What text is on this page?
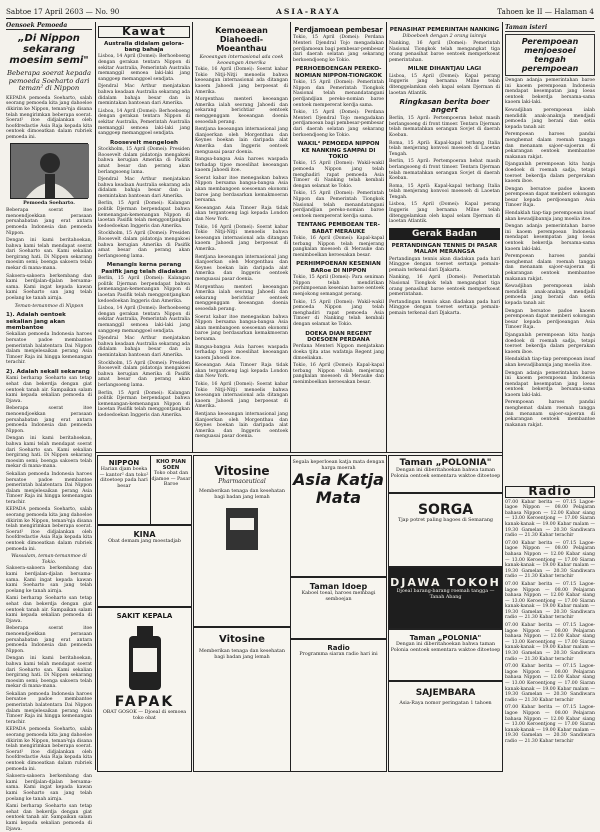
Sabtoe 17 April 2603 — No. 90	ASIA-RAYA	Tahoen ke II — Halaman 4
Oensoek Pemoeda
„Di Nippon sekarang moesim semi"
Beberapa soerat kepada pemoeda Soeharto dari teman² di Nippon
KEPADA pemoeda Soeharto, salah seorang pemoeda kita jang dahoeloe dikirim ke Nippon, teman²nja disana telah mengirimkan beberapa soerat. Soerat² itoe didjalankan oleh hoofdredactie Asia Raja kepada kita oentoek dimoeatkan dalam rubriek pemoeda ini.
Pemoeda Soeharto.
Beberapa soerat itoe menoendjoekkan perasaan persahabatan jang erat antara pemoeda Indonesia dan pemoeda Nippon.
Dengan ini kami beritahoekan, bahwa kami telah mendapat soerat dari Soeharto san. Kami sekalian bergirang hati. Di Nippon sekarang moesim semi; boenga sakoera telah mekar di mana-mana.
Sakoera-sakoera berkembang dan kami berdjalan-djalan bersama-sama. Kami ingat kepada kawan kami Soeharto san jang telah poelang ke tanah airnja.
Teman-temanmoe di Nippon
1). Adalah oentoek sekalian jang akan membantoe
Sekalian pemoeda Indonesia haroes bersatoe padoe membantoe pemerintah balatentara Dai Nippon dalam menjelesaikan perang Asia Timoer Raja ini hingga kemenangan terachir.
2). Adalah sekali sekarang
Kami berharap Soeharto san tetap sehat dan bekerdja dengan giat oentoek tanah air. Sampaikan salam kami kepada sekalian pemoeda di Djawa.
Beberapa soerat itoe menoendjoekkan perasaan persahabatan jang erat antara pemoeda Indonesia dan pemoeda Nippon.
Dengan ini kami beritahoekan, bahwa kami telah mendapat soerat dari Soeharto san. Kami sekalian bergirang hati. Di Nippon sekarang moesim semi; boenga sakoera telah mekar di mana-mana.
Sekalian pemoeda Indonesia haroes bersatoe padoe membantoe pemerintah balatentara Dai Nippon dalam menjelesaikan perang Asia Timoer Raja ini hingga kemenangan terachir.
KEPADA pemoeda Soeharto, salah seorang pemoeda kita jang dahoeloe dikirim ke Nippon, teman²nja disana telah mengirimkan beberapa soerat. Soerat² itoe didjalankan oleh hoofdredactie Asia Raja kepada kita oentoek dimoeatkan dalam rubriek pemoeda ini.
Wassalam, teman-temanmoe di Tokio.
Sakoera-sakoera berkembang dan kami berdjalan-djalan bersama-sama. Kami ingat kepada kawan kami Soeharto san jang telah poelang ke tanah airnja.
Kami berharap Soeharto san tetap sehat dan bekerdja dengan giat oentoek tanah air. Sampaikan salam kami kepada sekalian pemoeda di Djawa.
Beberapa soerat itoe menoendjoekkan perasaan persahabatan jang erat antara pemoeda Indonesia dan pemoeda Nippon.
Dengan ini kami beritahoekan, bahwa kami telah mendapat soerat dari Soeharto san. Kami sekalian bergirang hati. Di Nippon sekarang moesim semi; boenga sakoera telah mekar di mana-mana.
Sekalian pemoeda Indonesia haroes bersatoe padoe membantoe pemerintah balatentara Dai Nippon dalam menjelesaikan perang Asia Timoer Raja ini hingga kemenangan terachir.
KEPADA pemoeda Soeharto, salah seorang pemoeda kita jang dahoeloe dikirim ke Nippon, teman²nja disana telah mengirimkan beberapa soerat. Soerat² itoe didjalankan oleh hoofdredactie Asia Raja kepada kita oentoek dimoeatkan dalam rubriek pemoeda ini.
Sakoera-sakoera berkembang dan kami berdjalan-djalan bersama-sama. Kami ingat kepada kawan kami Soeharto san jang telah poelang ke tanah airnja.
Kami berharap Soeharto san tetap sehat dan bekerdja dengan giat oentoek tanah air. Sampaikan salam kami kepada sekalian pemoeda di Djawa.
Kawat
Australia didalam gelora-bang bahaja
Lisboa, 14 April (Domei): Berhoeboeng dengan gerakan tentara Nippon di sekitar Australia, Pemerintah Australia memanggil semoea laki-laki jang sanggoep memanggoel sendjata.
Djendral Mac Arthur menjatakan bahwa keadaan Australia sekarang ada didalam bahaja besar dan ia memintakan bantoean dari Amerika.
Lisboa, 14 April (Domei): Berhoeboeng dengan gerakan tentara Nippon di sekitar Australia, Pemerintah Australia memanggil semoea laki-laki jang sanggoep memanggoel sendjata.
Roosevelt mengeloeh
Stockholm, 15 April (Domei): Presiden Roosevelt dalam pidatonja mengakoei bahwa kerugian Amerika di Pasifik amat besar dan perang akan berlangsoeng lama.
Djendral Mac Arthur menjatakan bahwa keadaan Australia sekarang ada didalam bahaja besar dan ia memintakan bantoean dari Amerika.
Berlin, 15 April (Domei): Kalangan politik Djerman berpendapat bahwa kemenangan-kemenangan Nippon di laoetan Pasifik telah menggontjangkan kedoedoekan Inggeris dan Amerika.
Stockholm, 15 April (Domei): Presiden Roosevelt dalam pidatonja mengakoei bahwa kerugian Amerika di Pasifik amat besar dan perang akan berlangsoeng lama.
Menangis kerna perang Pasifik jang telah diadakan
Berlin, 15 April (Domei): Kalangan politik Djerman berpendapat bahwa kemenangan-kemenangan Nippon di laoetan Pasifik telah menggontjangkan kedoedoekan Inggeris dan Amerika.
Lisboa, 14 April (Domei): Berhoeboeng dengan gerakan tentara Nippon di sekitar Australia, Pemerintah Australia memanggil semoea laki-laki jang sanggoep memanggoel sendjata.
Djendral Mac Arthur menjatakan bahwa keadaan Australia sekarang ada didalam bahaja besar dan ia memintakan bantoean dari Amerika.
Stockholm, 15 April (Domei): Presiden Roosevelt dalam pidatonja mengakoei bahwa kerugian Amerika di Pasifik amat besar dan perang akan berlangsoeng lama.
Berlin, 15 April (Domei): Kalangan politik Djerman berpendapat bahwa kemenangan-kemenangan Nippon di laoetan Pasifik telah menggontjangkan kedoedoekan Inggeris dan Amerika.
Kemoeaean Diahoedi-Moeanthau
Keoeangan internasional ada coek keoeangan Amerika
Tokio, 16 April (Domei): Soerat kabar Tokio Nitji-Nitji menoelis bahwa keoeangan internasional ada ditangan kaoem Jahoedi jang berpoesat di Amerika.
Morgenthau menteri keoeangan Amerika ialah seorang Jahoedi dan sekarang berichtiar oentoek menggenggam keoeangan doenia sesoedah perang.
Rentjana keoeangan internasional jang dianjoerkan oleh Morgenthau dan Keynes boekan lain daripada alat Amerika dan Inggeris oentoek menguasai pasar doenia.
Bangsa-bangsa Asia haroes waspada terhadap tipoe moeslihat keoeangan kaoem Jahoedi itoe.
Soerat kabar itoe menegaskan bahwa Nippon bersama bangsa-bangsa Asia akan membangoen soesoenan ekonomi baroe jang berdasarkan kemakmoeran bersama.
Keoeangan Asia Timoer Raja tidak akan tergantoeng lagi kepada London dan New York.
Tokio, 16 April (Domei): Soerat kabar Tokio Nitji-Nitji menoelis bahwa keoeangan internasional ada ditangan kaoem Jahoedi jang berpoesat di Amerika.
Rentjana keoeangan internasional jang dianjoerkan oleh Morgenthau dan Keynes boekan lain daripada alat Amerika dan Inggeris oentoek menguasai pasar doenia.
Morgenthau menteri keoeangan Amerika ialah seorang Jahoedi dan sekarang berichtiar oentoek menggenggam keoeangan doenia sesoedah perang.
Soerat kabar itoe menegaskan bahwa Nippon bersama bangsa-bangsa Asia akan membangoen soesoenan ekonomi baroe jang berdasarkan kemakmoeran bersama.
Bangsa-bangsa Asia haroes waspada terhadap tipoe moeslihat keoeangan kaoem Jahoedi itoe.
Keoeangan Asia Timoer Raja tidak akan tergantoeng lagi kepada London dan New York.
Tokio, 16 April (Domei): Soerat kabar Tokio Nitji-Nitji menoelis bahwa keoeangan internasional ada ditangan kaoem Jahoedi jang berpoesat di Amerika.
Rentjana keoeangan internasional jang dianjoerkan oleh Morgenthau dan Keynes boekan lain daripada alat Amerika dan Inggeris oentoek menguasai pasar doenia.
Perdjamoean pembesar
Tokio, 15 April (Domei): Perdana Menteri Djendral Tojo mengadakan perdjamoean bagi pembesar-pembesar dari daerah selatan jang sekarang berkoendjoeng ke Tokio.
PERHOEBOENGAN PEREKO-NOMIAN NIPPON-TIONGKOK
Tokio, 15 April (Domei): Pemerintah Nippon dan Pemerintah Tiongkok Nasional telah menandatangani perdjandjian pereko-nomian baroe oentoek mempererat kerdja sama.
Tokio, 15 April (Domei): Perdana Menteri Djendral Tojo mengadakan perdjamoean bagi pembesar-pembesar dari daerah selatan jang sekarang berkoendjoeng ke Tokio.
WAKIL² PEMOEDA NIPPON KE NANKING SAMPAI DI TOKIO
Tokio, 15 April (Domei): Wakil-wakil pemoeda Nippon jang telah menghadiri rapat pemoeda Asia Timoer di Nanking telah kembali dengan selamat ke Tokio.
Tokio, 15 April (Domei): Pemerintah Nippon dan Pemerintah Tiongkok Nasional telah menandatangani perdjandjian pereko-nomian baroe oentoek mempererat kerdja sama.
TENTANG PEMBOEAN TER-BABAT MERAUKE
Tokio, 16 April (Domei): Kapal-kapal terbang Nippon telah menjerang pangkalan moesoeh di Merauke dan menimboelkan keroesakan besar.
PERHIMPOENAN KESENIAN BARoe DI NIPPON
Tokio, 15 April (Domei): Para seniman Nippon telah mendirikan perhimpoenan kesenian baroe oentoek menjokong semangat perang.
Tokio, 15 April (Domei): Wakil-wakil pemoeda Nippon jang telah menghadiri rapat pemoeda Asia Timoer di Nanking telah kembali dengan selamat ke Tokio.
DOEKA DIAN REGENT DOESOEN PERDANA
Perdana Menteri Nippon menjatakan doeka tjita atas wafatnja Regent jang dimoeliakan.
Tokio, 16 April (Domei): Kapal-kapal terbang Nippon telah menjerang pangkalan moesoeh di Merauke dan menimboelkan keroesakan besar.
PENASIHAT PEMERINTAH NANKING
Diboeboeh dengan 2 orang lainnja
Nanking, 16 April (Domei): Pemerintah Nasional Tiongkok telah mengangkat tiga orang penasihat baroe oentoek memperkoeat pemerintahan.
MILNE DIHANTJAU LAGI
Lisboa, 15 April (Domei): Kapal perang Inggeris jang bernama Milne telah ditenggelamkan oleh kapal selam Djerman di laoetan Atlantik.
Ringkasan berita boer angert
Berlin, 15 April: Pertempoeran hebat masih berlangsoeng di front timoer. Tentara Djerman telah mematahkan serangan Sovjet di daerah Koeban.
Roma, 15 April: Kapal-kapal terbang Italia telah menjerang konvooi moesoeh di Laoetan Tengah.
Berlin, 15 April: Pertempoeran hebat masih berlangsoeng di front timoer. Tentara Djerman telah mematahkan serangan Sovjet di daerah Koeban.
Roma, 15 April: Kapal-kapal terbang Italia telah menjerang konvooi moesoeh di Laoetan Tengah.
Lisboa, 15 April (Domei): Kapal perang Inggeris jang bernama Milne telah ditenggelamkan oleh kapal selam Djerman di laoetan Atlantik.
Gerak Badan
PERTANDINGAN TENNIS DI PASAR MALAM MERANGSA
Pertandingan tennis akan diadakan pada hari Minggoe dengan toeroet sertanja pemain-pemain terkenal dari Djakarta.
Nanking, 16 April (Domei): Pemerintah Nasional Tiongkok telah mengangkat tiga orang penasihat baroe oentoek memperkoeat pemerintahan.
Pertandingan tennis akan diadakan pada hari Minggoe dengan toeroet sertanja pemain-pemain terkenal dari Djakarta.
Taman isteri
Perempoean menjoesoei tengah perempoean
Dengan adanja pemerintahan baroe ini kaoem perempoean Indonesia mendapat kesempatan jang loeas oentoek bekerdja bersama-sama kaoem laki-laki.
Kewadjiban perempoean ialah mendidik anak-anaknja mendjadi pemoeda jang berani dan setia kepada tanah air.
Perempoean haroes pandai menghemat dalam roemah tangga dan menanam sajoer-sajoeran di pekarangan oentoek membantoe makanan rakjat.
Djanganlah perempoean kita hanja doedoek di roemah sadja, tetapi toeroet bekerdja dalam pergerakan kaoem iboe.
Dengan bersatoe padoe kaoem perempoean dapat memberi sokongan besar kepada perdjoeangan Asia Timoer Raja.
Hendaklah tiap-tiap perempoean insaf akan kewadjibannja jang moelia itoe.
Dengan adanja pemerintahan baroe ini kaoem perempoean Indonesia mendapat kesempatan jang loeas oentoek bekerdja bersama-sama kaoem laki-laki.
Perempoean haroes pandai menghemat dalam roemah tangga dan menanam sajoer-sajoeran di pekarangan oentoek membantoe makanan rakjat.
Kewadjiban perempoean ialah mendidik anak-anaknja mendjadi pemoeda jang berani dan setia kepada tanah air.
Dengan bersatoe padoe kaoem perempoean dapat memberi sokongan besar kepada perdjoeangan Asia Timoer Raja.
Djanganlah perempoean kita hanja doedoek di roemah sadja, tetapi toeroet bekerdja dalam pergerakan kaoem iboe.
Hendaklah tiap-tiap perempoean insaf akan kewadjibannja jang moelia itoe.
Dengan adanja pemerintahan baroe ini kaoem perempoean Indonesia mendapat kesempatan jang loeas oentoek bekerdja bersama-sama kaoem laki-laki.
Perempoean haroes pandai menghemat dalam roemah tangga dan menanam sajoer-sajoeran di pekarangan oentoek membantoe makanan rakjat.
NIPPON
Harian djam boeka — kantor² dan toko² ditoetoep pada hari besar
KHO PIAN SOEN
Toko obat dan djamoe — Pasar Baroe
KINA
Obat demam jang moestadjab
SAKIT KEPALA
FAPAK
OBAT GOSOK — Djoeal di semoea toko obat
Vitosine
Pharmaceutical
Memberikan tenaga dan kesehatan bagi badan jang lemah
Vitosine
Memberikan tenaga dan kesehatan bagi badan jang lemah
Segala keperloean katja mata dengan harga moerah
Asia Katja Mata
Taman Idoep
Kaboel toeal, haroes membagi semboejan
Radio
Programma siaran radio hari ini
Taman „POLONIA"
Dengan ini diberitahoekan bahwa taman Polonia oentoek sementara waktoe ditoetoep
SORGA
Tjap potret paling bagoes di Semarang
DJAWA TOKOH
Djoeal barang-barang roemah tangga — Tanah Abang
Taman „POLONIA"
Dengan ini diberitahoekan bahwa taman Polonia oentoek sementara waktoe ditoetoep
SAJEMBARA
Asia-Raya nomor peringatan 1 tahoen
Radio
07.00 Kabar berita — 07.15 Lagoe-lagoe Nippon — 08.00 Pelajaran bahasa Nippon — 12.00 Kabar siang — 13.00 Keroentjong — 17.00 Siaran kanak-kanak — 19.00 Kabar malam — 19.30 Gamelan — 20.30 Sandiwara radio — 21.30 Kabar terachir
07.00 Kabar berita — 07.15 Lagoe-lagoe Nippon — 08.00 Pelajaran bahasa Nippon — 12.00 Kabar siang — 13.00 Keroentjong — 17.00 Siaran kanak-kanak — 19.00 Kabar malam — 19.30 Gamelan — 20.30 Sandiwara radio — 21.30 Kabar terachir
07.00 Kabar berita — 07.15 Lagoe-lagoe Nippon — 08.00 Pelajaran bahasa Nippon — 12.00 Kabar siang — 13.00 Keroentjong — 17.00 Siaran kanak-kanak — 19.00 Kabar malam — 19.30 Gamelan — 20.30 Sandiwara radio — 21.30 Kabar terachir
07.00 Kabar berita — 07.15 Lagoe-lagoe Nippon — 08.00 Pelajaran bahasa Nippon — 12.00 Kabar siang — 13.00 Keroentjong — 17.00 Siaran kanak-kanak — 19.00 Kabar malam — 19.30 Gamelan — 20.30 Sandiwara radio — 21.30 Kabar terachir
07.00 Kabar berita — 07.15 Lagoe-lagoe Nippon — 08.00 Pelajaran bahasa Nippon — 12.00 Kabar siang — 13.00 Keroentjong — 17.00 Siaran kanak-kanak — 19.00 Kabar malam — 19.30 Gamelan — 20.30 Sandiwara radio — 21.30 Kabar terachir
07.00 Kabar berita — 07.15 Lagoe-lagoe Nippon — 08.00 Pelajaran bahasa Nippon — 12.00 Kabar siang — 13.00 Keroentjong — 17.00 Siaran kanak-kanak — 19.00 Kabar malam — 19.30 Gamelan — 20.30 Sandiwara radio — 21.30 Kabar terachir
